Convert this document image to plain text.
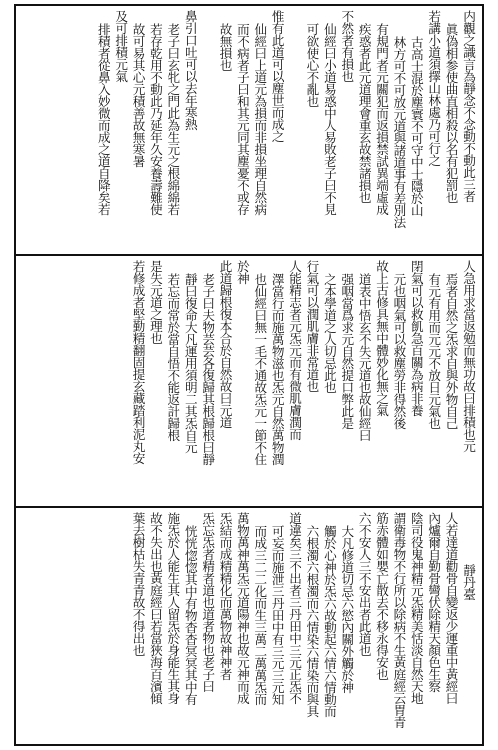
内觀之識言為靜念不念動不動此三者
眞偽相参使曲直相殺以名有犯罰也
若講小道須擇山林處乃可行之
古高士混於塵寰不可守中士隱於山
林方可不可放元道與諸道事有差別法
有規門者元關犯而返損禁試異端虛成
疾惑者此元道理會重玄故禁諸損也
不然者有損也
仙經曰小道易惑中人易敗老子曰不見
可欲使心不亂也
惟有此道可以塵世而成之
仙經曰上道元為損而非損坐理自然病
而不病者子曰和其元同其塵憂不或存
故無損也
鼻引口吐可以去年寒熱
老子曰玄牝之門此為生元之根綿綿若
若存乾用不動此乃延年久安養壽難使
故可易其心元積善故無寒暑
及可排積元氣
排積者從鼻入妙微而成之道自降矣若
人急用求當返勉而無功故曰排積也元
焉者自然之炁求自與外物自己
有元有用而元元不放日元氣也
閉氣可以救飢急百關為病非養
元也咽氣可以救塵勞非得然後
故上古修具無中體妙化無之氣
道表中悟玄不失元道也故仙經曰
强咽當爲求元自然提口弊此是
之本學道之人切忌此也
行氣可以潤肌膚非常道也
人能精志者元炁元而有微肌膚潤而
澤當行而施萬物滋也炁元自然萬物潤
也仙經曰無一毛不通故炁元一節不住
於神
此道歸根復本合於自然故曰元道
老子曰夫物芸芸各復歸其根歸根曰靜
靜曰復命大凡運用須明二其炁自元
若忘而常於當自悟不能返計歸根
是失元道之理也
若修成者堅勤精翻固提玄藏踏利泥丸安
靜丹臺
人若達道勸骨自變返少運重中黃經曰
內爐爾自勤骨彎伏除精天顏色生察
陰司役鬼神精元炁精美恬淡自然天地
謂衛毒物不行所以除病不生黃庭經云胃青
筋赤體如嬰亡散去不移永得安也
六不安人三不安出者此道也
大凡修道切忌六慾內關外觸於神
觸於心神於炁六故動起六情六情動而
六根濁六根濁而六情染六情染而與具
道違矣三不出者三丹田中三元正炁不
可妄而施泄三丹田中有三元三元知
而成三二二化而生三萬二萬萬炁而
萬物萬神萬炁元道陽神也故元神而成
炁結而成精精化而萬物故神神者
炁忘炁者精者道也道者物也老子曰
恍恍惚惚其中有物杳杳冥冥其中有
施炁於人能生其人留炁於身能生其身
故不失出也黃庭經曰若當狹海百濱傾
葉去樹枯失青青故不得出也
